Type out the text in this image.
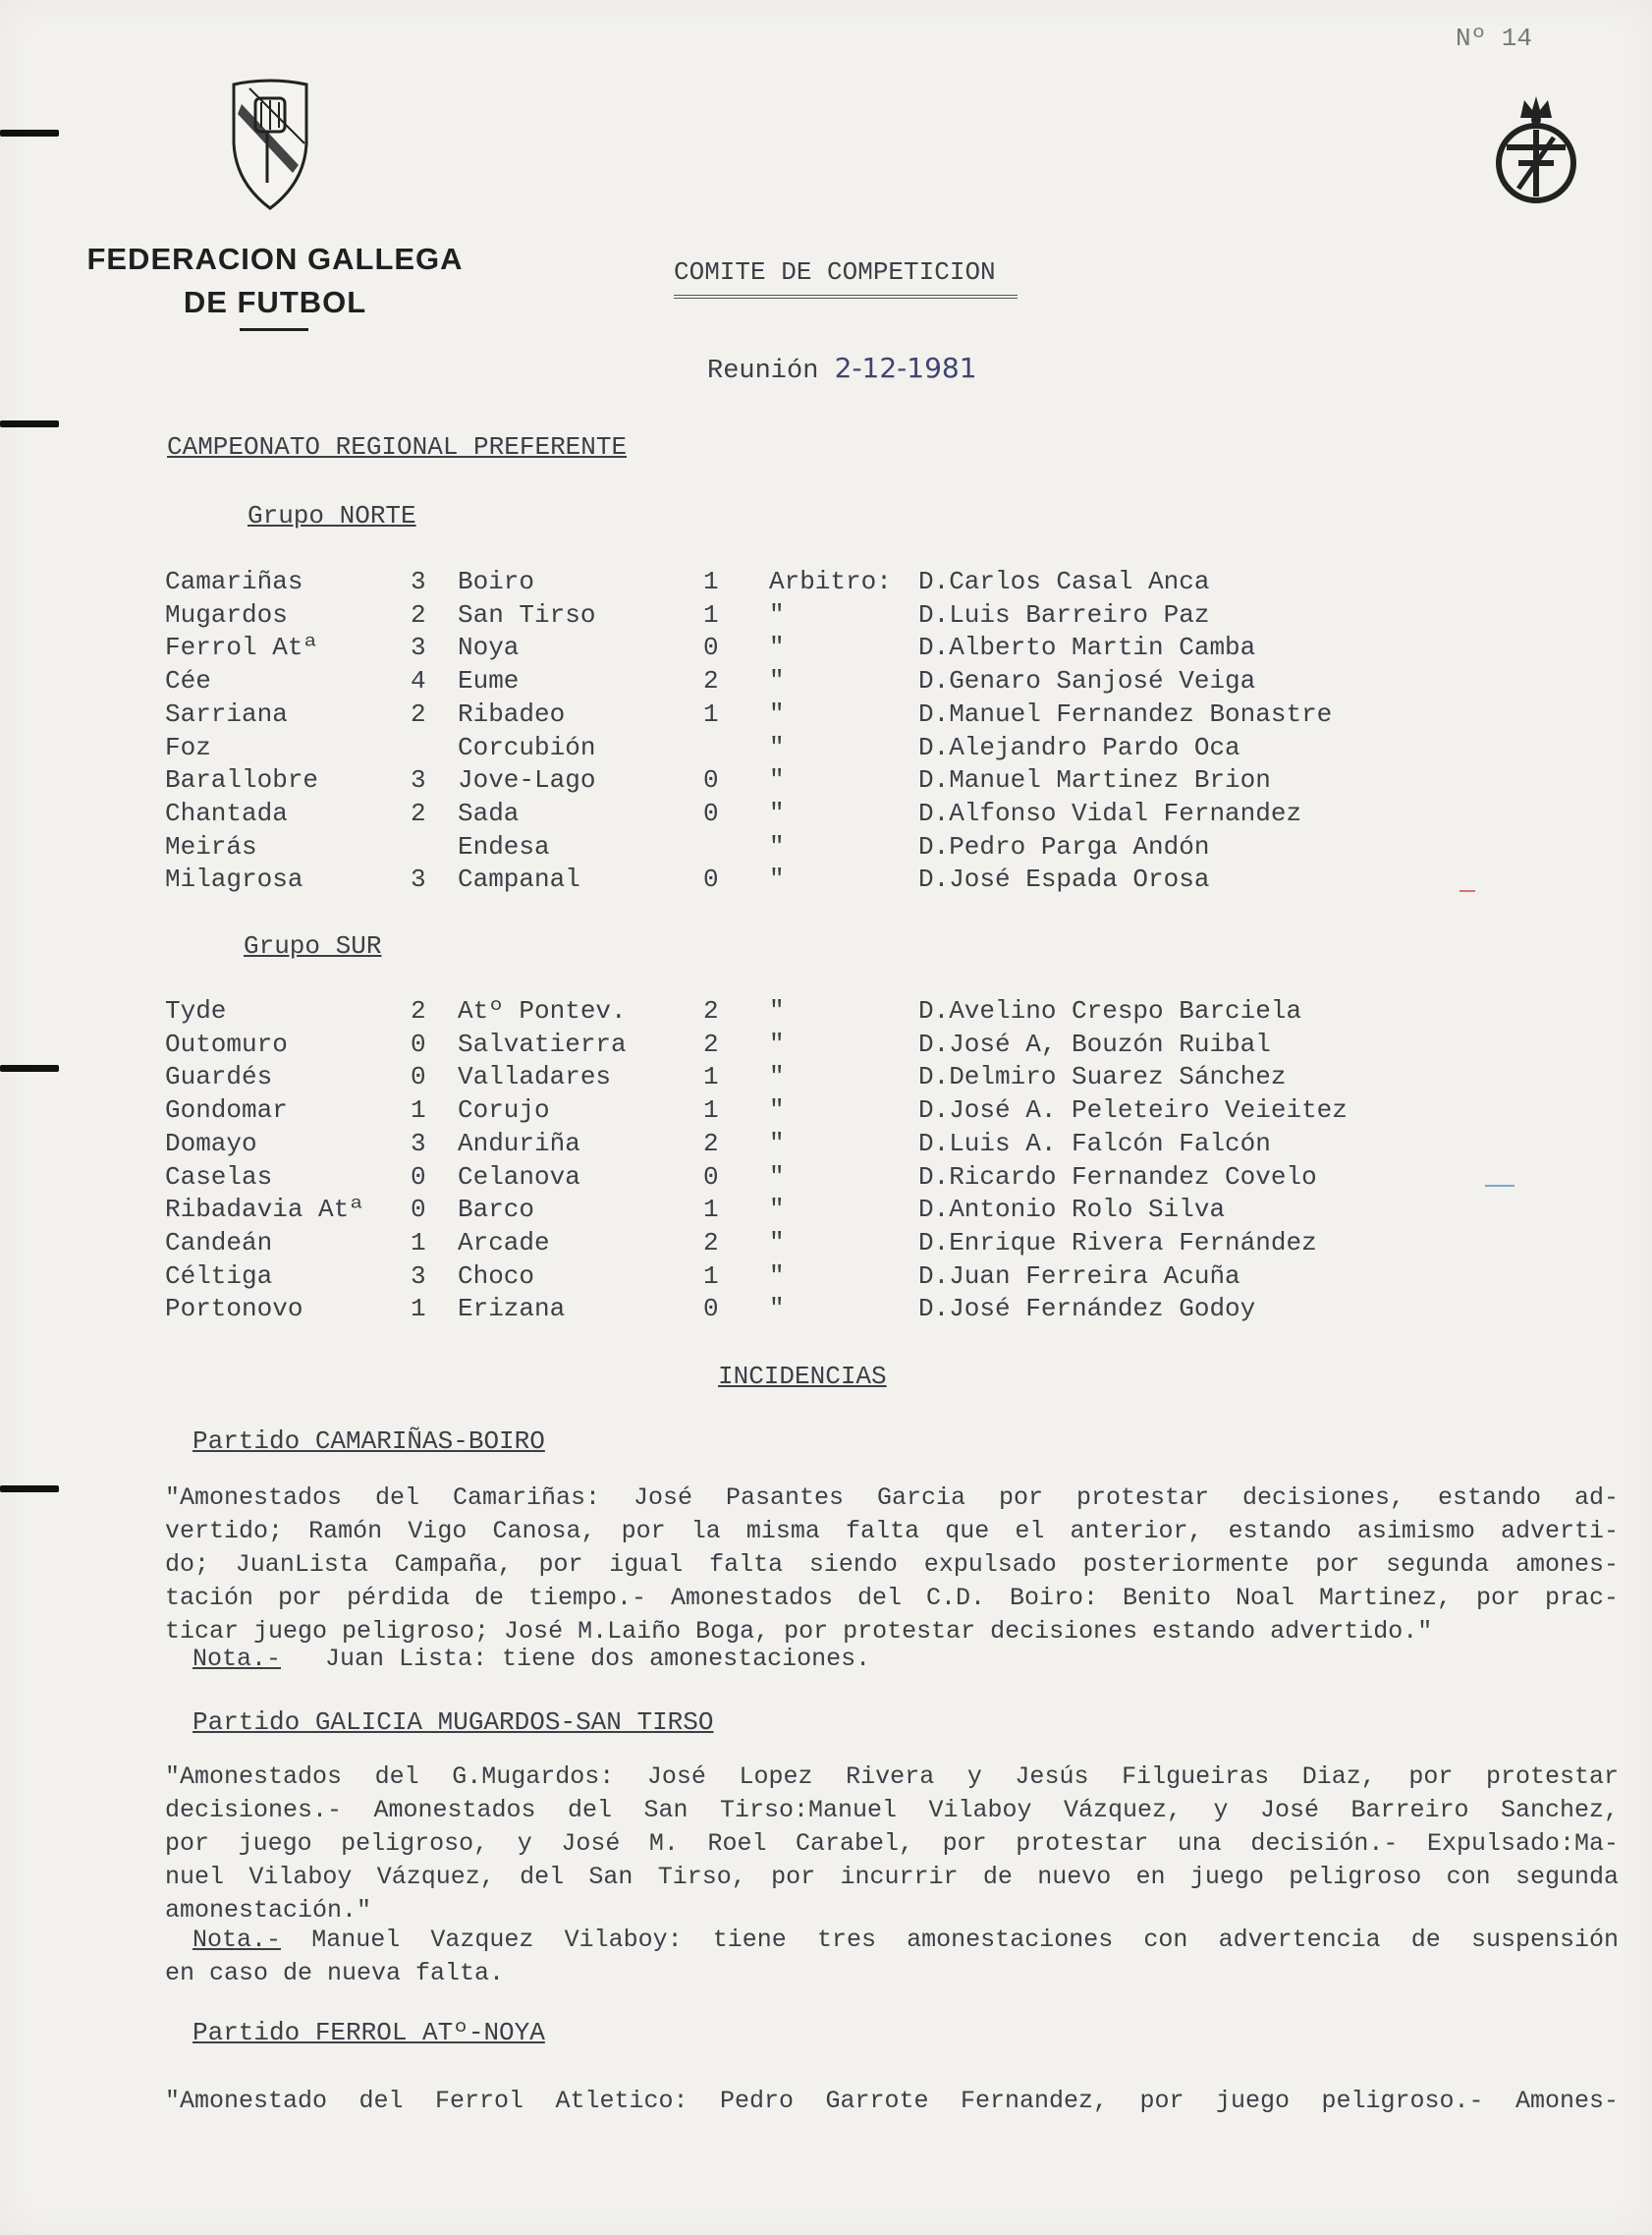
Nº 14
FEDERACION GALLEGA
DE FUTBOL
COMITE DE COMPETICION
Reunión 2-12-1981
CAMPEONATO REGIONAL PREFERENTE
Grupo NORTE
Camariñas	3 Boiro	1 Arbitro: D.Carlos Casal Anca
Mugardos	2 San Tirso	1 "	D.Luis Barreiro Paz
Ferrol Atª	3 Noya	0 "	D.Alberto Martin Camba
Cée	4 Eume	2 "	D.Genaro Sanjosé Veiga
Sarriana	2 Ribadeo	1 "	D.Manuel Fernandez Bonastre
Foz	Corcubión	"	D.Alejandro Pardo Oca
Barallobre	3 Jove-Lago	0 "	D.Manuel Martinez Brion
Chantada	2 Sada	0 "	D.Alfonso Vidal Fernandez
Meirás	Endesa	"	D.Pedro Parga Andón
Milagrosa	3 Campanal	0 "	D.José Espada Orosa
Grupo SUR
Tyde	2 Atº Pontev.	2 "	D.Avelino Crespo Barciela
Outomuro	0 Salvatierra	2 "	D.José A, Bouzón Ruibal
Guardés	0 Valladares	1 "	D.Delmiro Suarez Sánchez
Gondomar	1 Corujo	1 "	D.José A. Peleteiro Veieitez
Domayo	3 Anduriña	2 "	D.Luis A. Falcón Falcón
Caselas	0 Celanova	0 "	D.Ricardo Fernandez Covelo
Ribadavia Atª 0 Barco	1 "	D.Antonio Rolo Silva
Candeán	1 Arcade	2 "	D.Enrique Rivera Fernández
Céltiga	3 Choco	1 "	D.Juan Ferreira Acuña
Portonovo	1 Erizana	0 "	D.José Fernández Godoy
INCIDENCIAS
Partido CAMARIÑAS-BOIRO

"Amonestados del Camariñas: José Pasantes Garcia por protestar decisiones, estando ad-

vertido; Ramón Vigo Canosa, por la misma falta que el anterior, estando asimismo adverti-

do; JuanLista Campaña, por igual falta siendo expulsado posteriormente por segunda amones-

tación por pérdida de tiempo.- Amonestados del C.D. Boiro: Benito Noal Martinez, por prac-

ticar juego peligroso; José M.Laiño Boga, por protestar decisiones estando advertido."

Nota.- Juan Lista: tiene dos amonestaciones.
Partido GALICIA MUGARDOS-SAN TIRSO

"Amonestados del G.Mugardos: José Lopez Rivera y Jesús Filgueiras Diaz, por protestar

decisiones.- Amonestados del San Tirso:Manuel Vilaboy Vázquez, y José Barreiro Sanchez,

por juego peligroso, y José M. Roel Carabel, por protestar una decisión.- Expulsado:Ma-

nuel Vilaboy Vázquez, del San Tirso, por incurrir de nuevo en juego peligroso con segunda

amonestación."

Nota.- Manuel Vazquez Vilaboy: tiene tres amonestaciones con advertencia de suspensión

en caso de nueva falta.

Partido FERROL ATº-NOYA

"Amonestado del Ferrol Atletico: Pedro Garrote Fernandez, por juego peligroso.- Amones-
